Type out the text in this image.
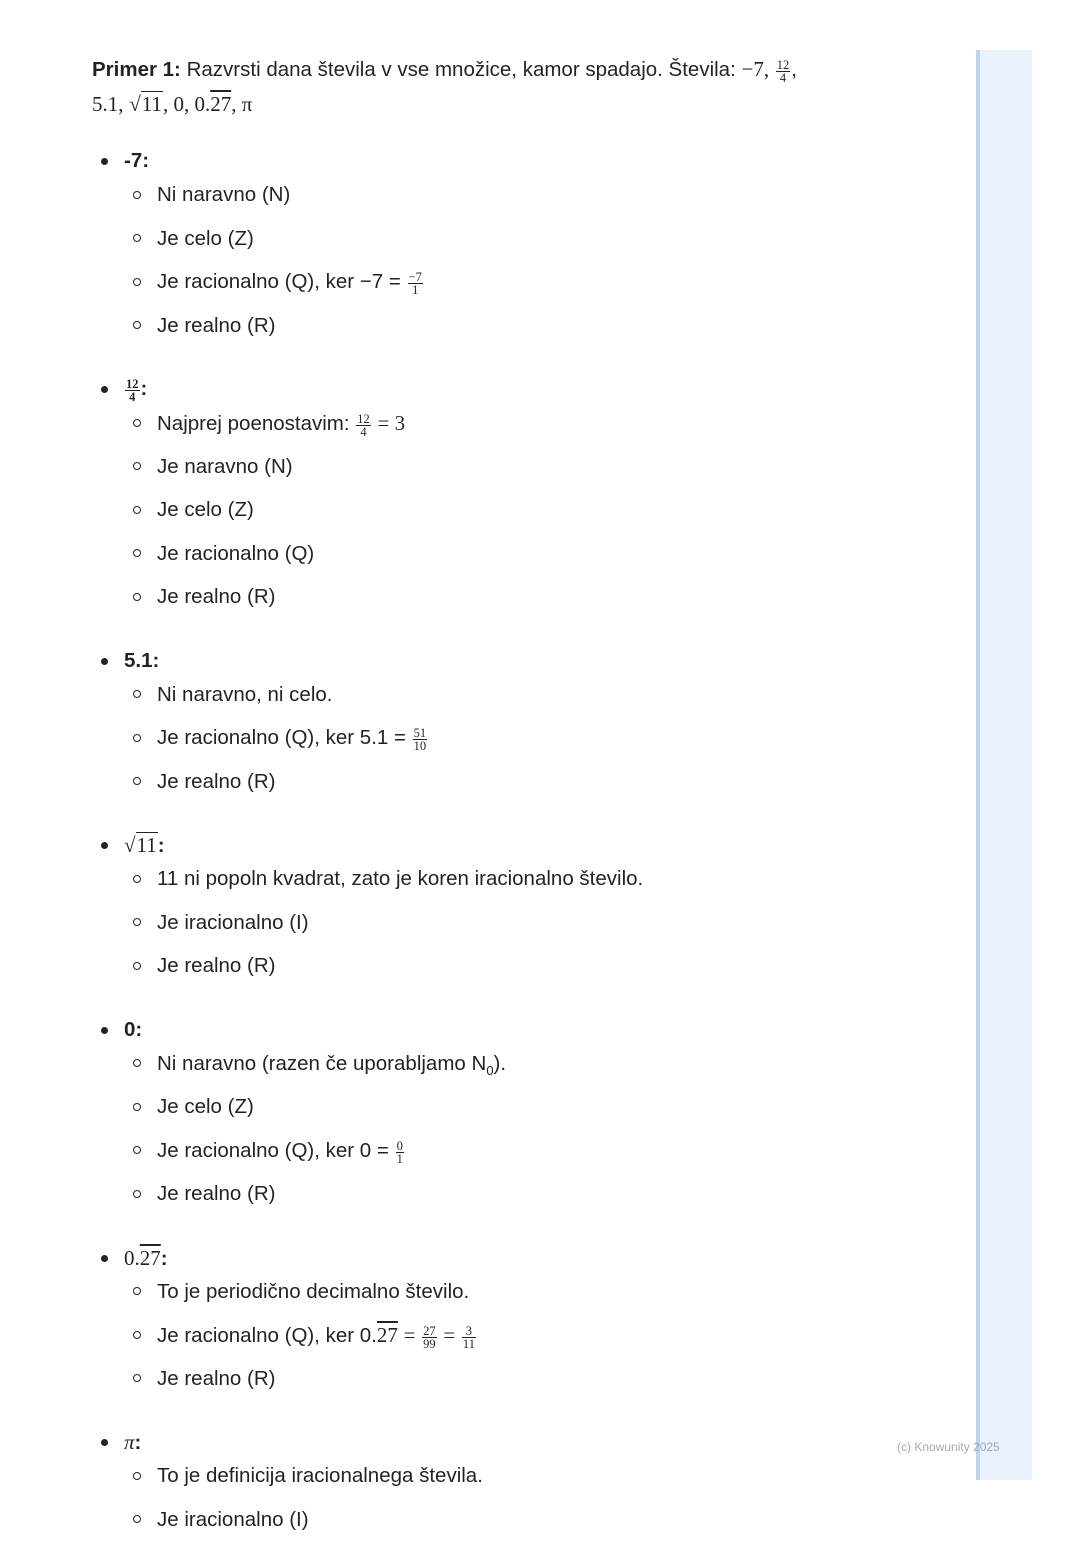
Primer 1: Razvrsti dana števila v vse množice, kamor spadajo. Števila: −7, $\frac{12}{4}$ ,
5.1, √11, 0, 0.27, π

-7:
Ni naravno (N)
Je celo (Z)
Je racionalno (Q), ker $-7 = \frac{-7}{1}$
Je realno (R)
$\frac{12}{4}$ :
Najprej poenostavim: $\frac{12}{4} = 3$
Je naravno (N)
Je celo (Z)
Je racionalno (Q)
Je realno (R)
5.1:
Ni naravno, ni celo.
Je racionalno (Q), ker $5.1 = \frac{51}{10}$
Je realno (R)
√11:
11 ni popoln kvadrat, zato je koren iracionalno število.
Je iracionalno (I)
Je realno (R)
0:
Ni naravno (razen če uporabljamo $N_0$).
Je celo (Z)
Je racionalno (Q), ker $0 = \frac{0}{1}$
Je realno (R)
0.27:
To je periodično decimalno število.
Je racionalno (Q), ker $0.27 = \frac{27}{99} = \frac{3}{11}$
Je realno (R)
π:
To je definicija iracionalnega števila.
Je iracionalno (I)
(c) Knowunity 2025
